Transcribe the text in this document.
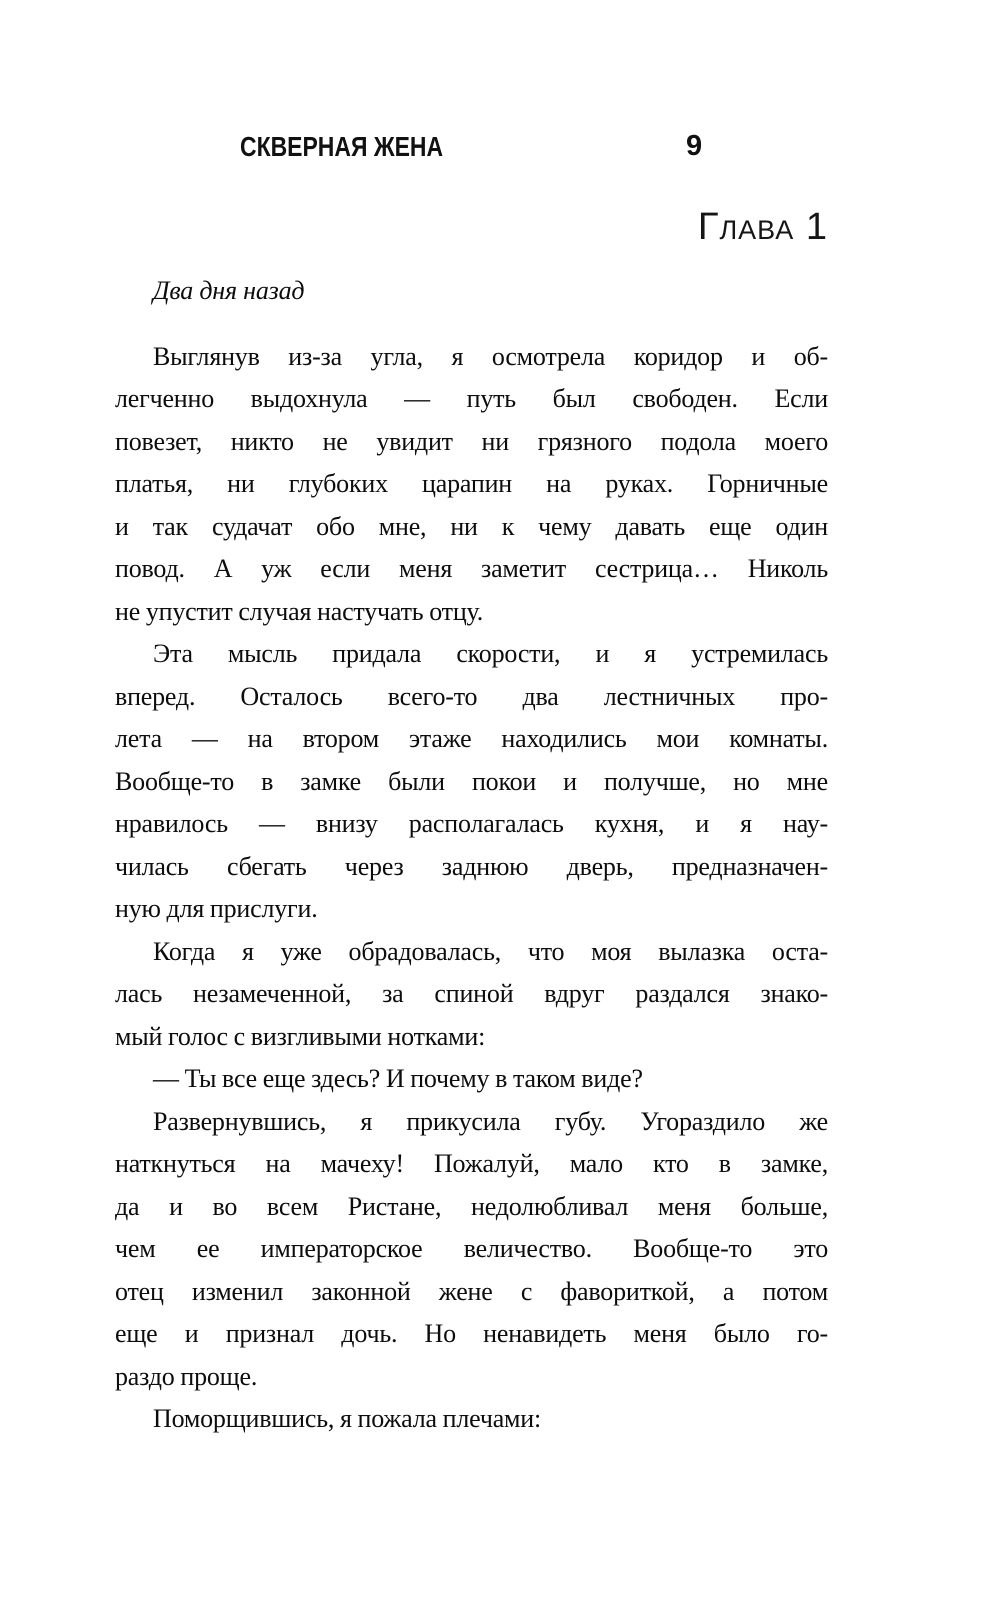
СКВЕРНАЯ ЖЕНА	9
Глава 1
Два дня назад
Выглянув из-за угла, я осмотрела коридор и об-
легченно выдохнула — путь был свободен. Если
повезет, никто не увидит ни грязного подола моего
платья, ни глубоких царапин на руках. Горничные
и так судачат обо мне, ни к чему давать еще один
повод. А уж если меня заметит сестрица… Николь
не упустит случая настучать отцу.
Эта мысль придала скорости, и я устремилась
вперед. Осталось всего-то два лестничных про-
лета — на втором этаже находились мои комнаты.
Вообще-то в замке были покои и получше, но мне
нравилось — внизу располагалась кухня, и я нау-
чилась сбегать через заднюю дверь, предназначен-
ную для прислуги.
Когда я уже обрадовалась, что моя вылазка оста-
лась незамеченной, за спиной вдруг раздался знако-
мый голос с визгливыми нотками:
— Ты все еще здесь? И почему в таком виде?
Развернувшись, я прикусила губу. Угораздило же
наткнуться на мачеху! Пожалуй, мало кто в замке,
да и во всем Ристане, недолюбливал меня больше,
чем ее императорское величество. Вообще-то это
отец изменил законной жене с фавориткой, а потом
еще и признал дочь. Но ненавидеть меня было го-
раздо проще.
Поморщившись, я пожала плечами:
